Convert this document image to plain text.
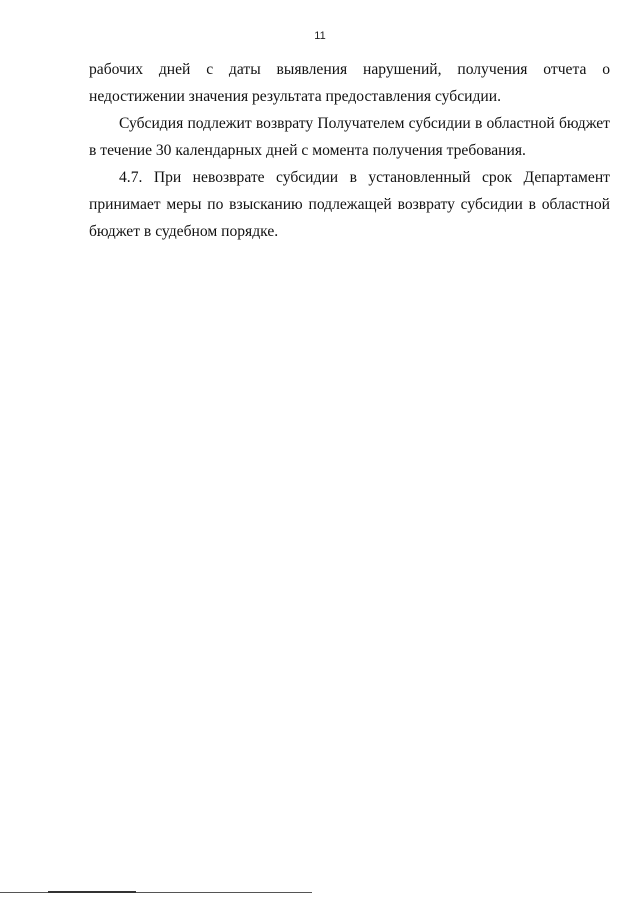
11

рабочих дней с даты выявления нарушений, получения отчета о недостижении значения результата предоставления субсидии.

Субсидия подлежит возврату Получателем субсидии в областной бюджет в течение 30 календарных дней с момента получения требования.

4.7. При невозврате субсидии в установленный срок Департамент принимает меры по взысканию подлежащей возврату субсидии в областной бюджет в судебном порядке.
